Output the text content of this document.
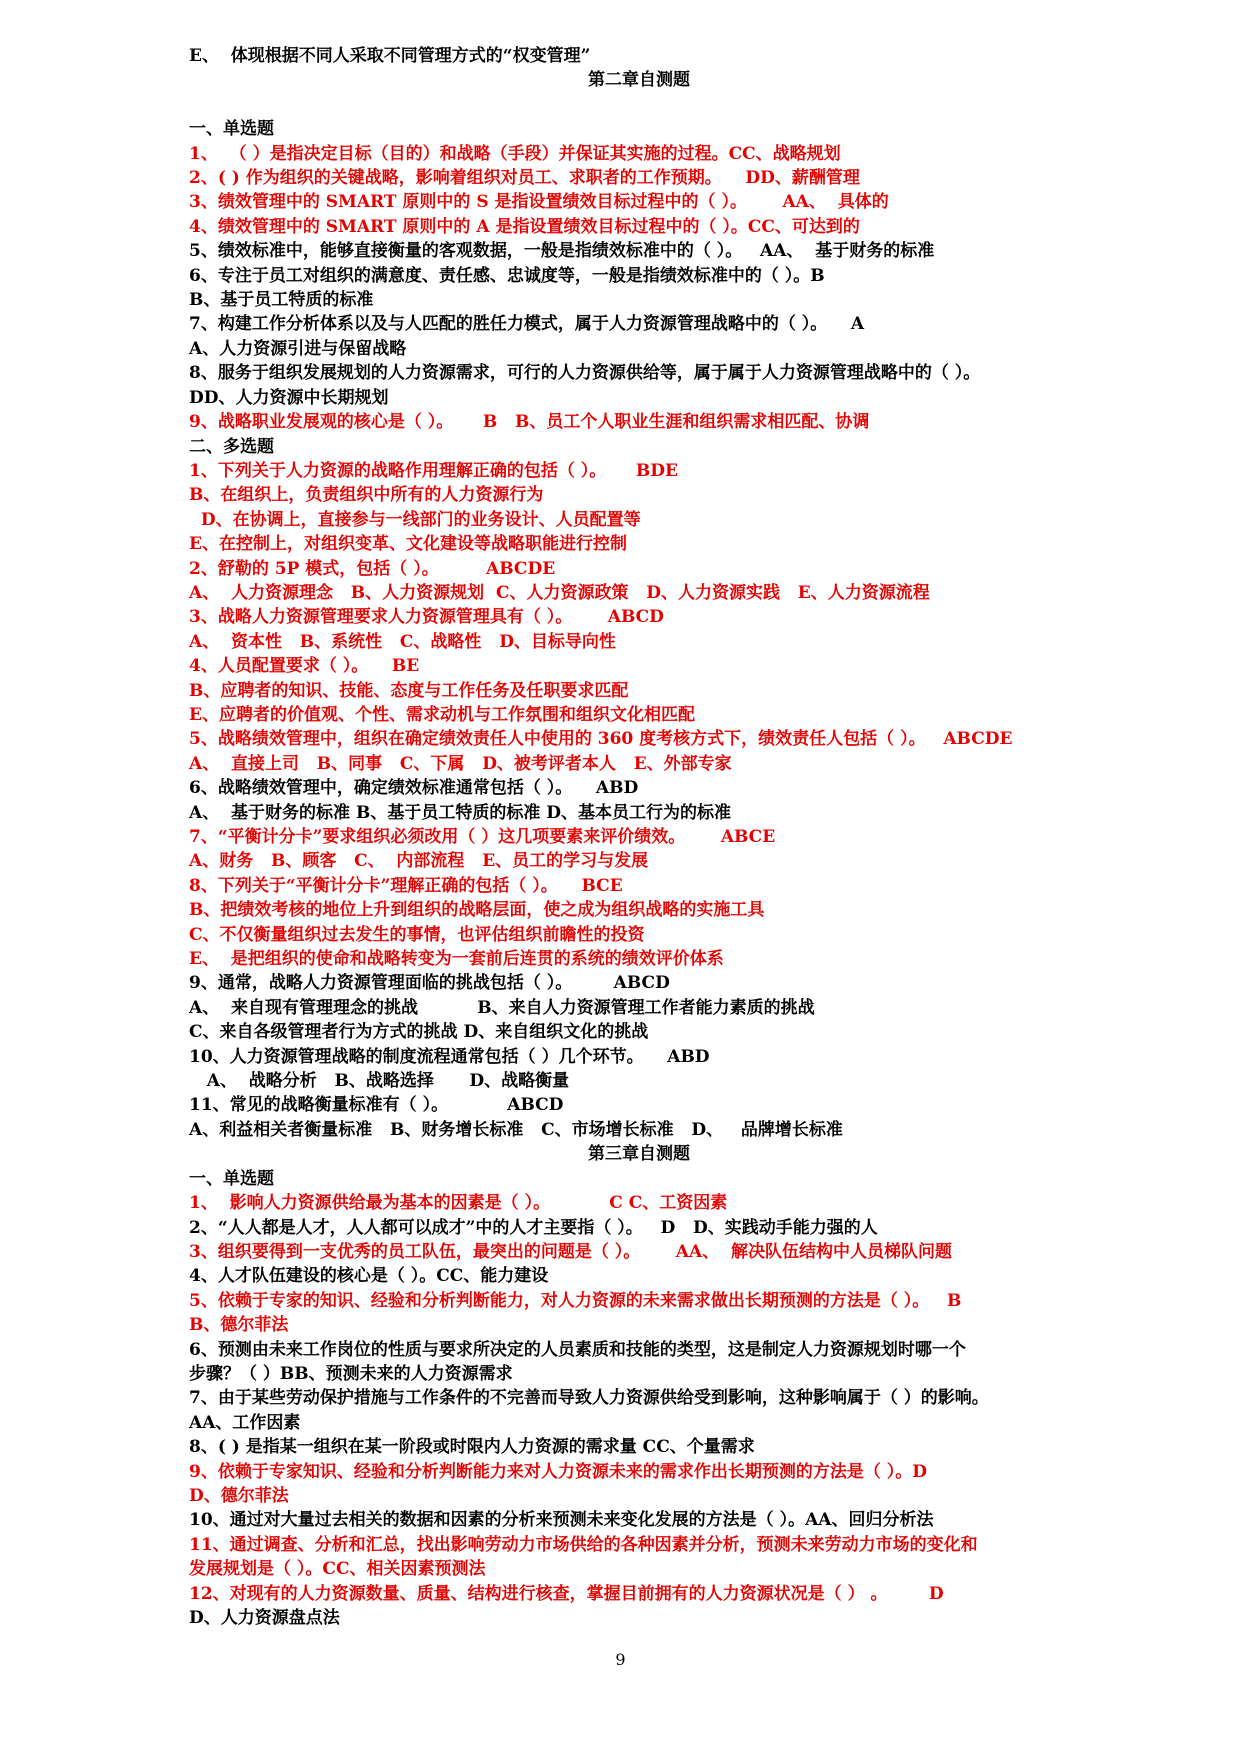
E、  体现根据不同人采取不同管理方式的“权变管理”
第二章自测题

一、单选题
1、  （ ）是指决定目标（目的）和战略（手段）并保证其实施的过程。CC、战略规划
2、( ) 作为组织的关键战略，影响着组织对员工、求职者的工作预期。    DD、薪酬管理
3、绩效管理中的 SMART 原则中的 S 是指设置绩效目标过程中的（ ）。      AA、  具体的
4、绩效管理中的 SMART 原则中的 A 是指设置绩效目标过程中的（ ）。CC、可达到的
5、绩效标准中，能够直接衡量的客观数据，一般是指绩效标准中的（ ）。   AA、  基于财务的标准
6、专注于员工对组织的满意度、责任感、忠诚度等，一般是指绩效标准中的（ ）。B
B、基于员工特质的标准
7、构建工作分析体系以及与人匹配的胜任力模式，属于人力资源管理战略中的（ ）。    A
A、人力资源引进与保留战略
8、服务于组织发展规划的人力资源需求，可行的人力资源供给等，属于属于人力资源管理战略中的（ ）。
DD、人力资源中长期规划
9、战略职业发展观的核心是（ ）。     B   B、员工个人职业生涯和组织需求相匹配、协调
二、多选题
1、下列关于人力资源的战略作用理解正确的包括（ ）。     BDE
B、在组织上，负责组织中所有的人力资源行为
D、在协调上，直接参与一线部门的业务设计、人员配置等
E、在控制上，对组织变革、文化建设等战略职能进行控制
2、舒勒的 5P 模式，包括（ ）。        ABCDE
A、  人力资源理念   B、人力资源规划  C、人力资源政策   D、人力资源实践   E、人力资源流程
3、战略人力资源管理要求人力资源管理具有（ ）。      ABCD
A、  资本性   B、系统性   C、战略性   D、目标导向性
4、人员配置要求（ ）。    BE
B、应聘者的知识、技能、态度与工作任务及任职要求匹配
E、应聘者的价值观、个性、需求动机与工作氛围和组织文化相匹配
5、战略绩效管理中，组织在确定绩效责任人中使用的 360 度考核方式下，绩效责任人包括（ ）。   ABCDE
A、  直接上司   B、同事   C、下属   D、被考评者本人   E、外部专家
6、战略绩效管理中，确定绩效标准通常包括（ ）。    ABD
A、  基于财务的标准 B、基于员工特质的标准 D、基本员工行为的标准
7、“平衡计分卡”要求组织必须改用（ ）这几项要素来评价绩效。      ABCE
A、财务   B、顾客   C、  内部流程   E、员工的学习与发展
8、下列关于“平衡计分卡”理解正确的包括（ ）。    BCE
B、把绩效考核的地位上升到组织的战略层面，使之成为组织战略的实施工具
C、不仅衡量组织过去发生的事情，也评估组织前瞻性的投资
E、  是把组织的使命和战略转变为一套前后连贯的系统的绩效评价体系
9、通常，战略人力资源管理面临的挑战包括（ ）。       ABCD
A、  来自现有管理理念的挑战          B、来自人力资源管理工作者能力素质的挑战
C、来自各级管理者行为方式的挑战 D、来自组织文化的挑战
10、人力资源管理战略的制度流程通常包括（ ）几个环节。    ABD
A、  战略分析   B、战略选择      D、战略衡量
11、常见的战略衡量标准有（ ）。          ABCD
A、利益相关者衡量标准   B、财务增长标准   C、市场增长标准   D、   品牌增长标准
第三章自测题
一、单选题
1、  影响人力资源供给最为基本的因素是（ ）。          C C、工资因素
2、“人人都是人才，人人都可以成才”中的人才主要指（ ）。   D   D、实践动手能力强的人
3、组织要得到一支优秀的员工队伍，最突出的问题是（ ）。      AA、  解决队伍结构中人员梯队问题
4、人才队伍建设的核心是（ ）。CC、能力建设
5、依赖于专家的知识、经验和分析判断能力，对人力资源的未来需求做出长期预测的方法是（ ）。   B
B、德尔菲法
6、预测由未来工作岗位的性质与要求所决定的人员素质和技能的类型，这是制定人力资源规划时哪一个
步骤？（ ）BB、预测未来的人力资源需求
7、由于某些劳动保护措施与工作条件的不完善而导致人力资源供给受到影响，这种影响属于（ ）的影响。
AA、工作因素
8、( ) 是指某一组织在某一阶段或时限内人力资源的需求量 CC、个量需求
9、依赖于专家知识、经验和分析判断能力来对人力资源未来的需求作出长期预测的方法是（ ）。D
D、德尔菲法
10、通过对大量过去相关的数据和因素的分析来预测未来变化发展的方法是（ ）。AA、回归分析法
11、通过调查、分析和汇总，找出影响劳动力市场供给的各种因素并分析，预测未来劳动力市场的变化和
发展规划是（ ）。CC、相关因素预测法
12、对现有的人力资源数量、质量、结构进行核查，掌握目前拥有的人力资源状况是（ ） 。       D
D、人力资源盘点法
9
